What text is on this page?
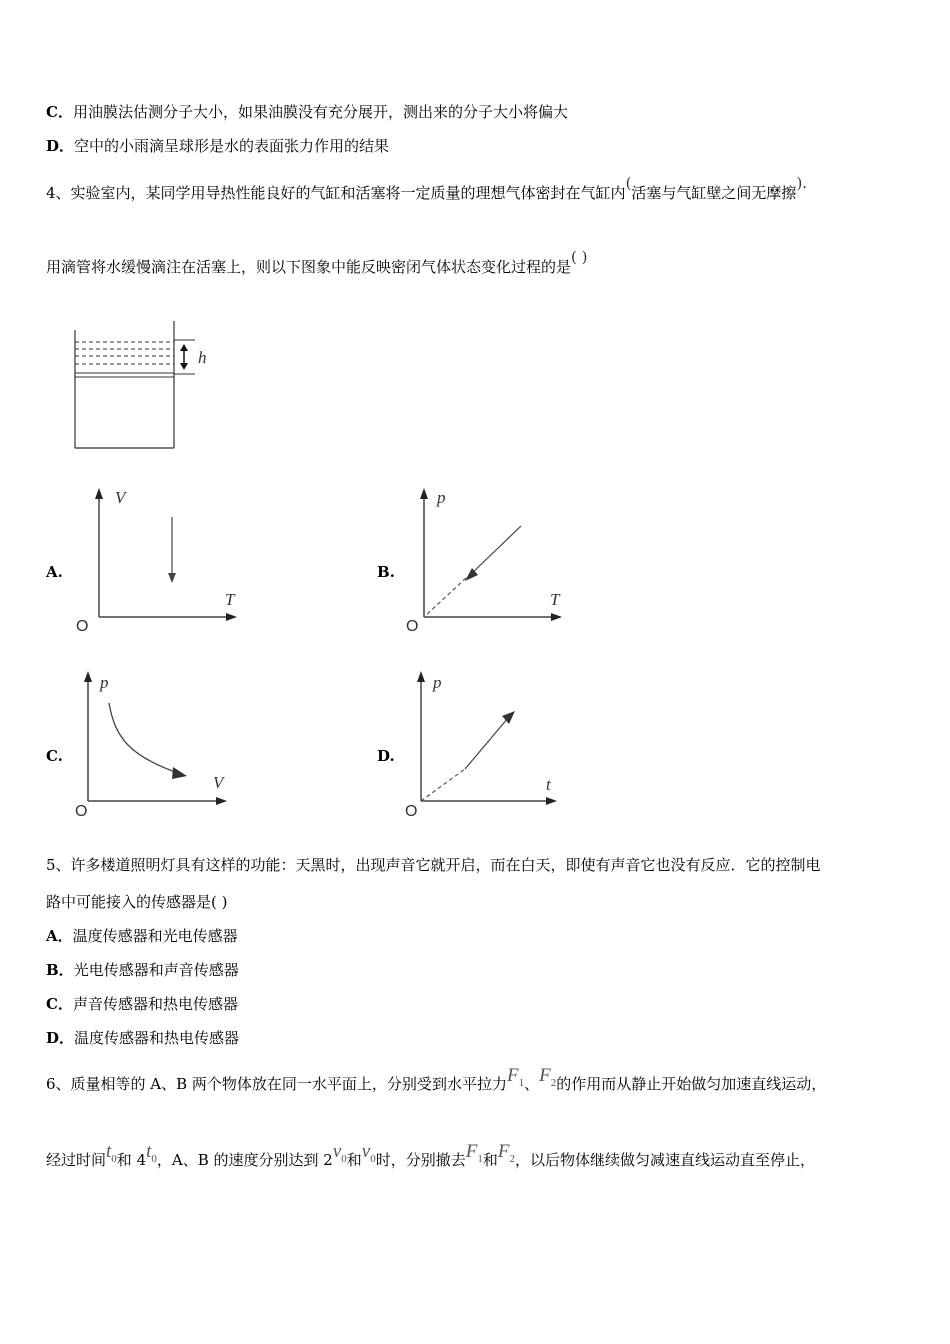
C．用油膜法估测分子大小，如果油膜没有充分展开，测出来的分子大小将偏大
D．空中的小雨滴呈球形是水的表面张力作用的结果
4、实验室内，某同学用导热性能良好的气缸和活塞将一定质量的理想气体密封在气缸内(活塞与气缸壁之间无摩擦).
用滴管将水缓慢滴注在活塞上，则以下图象中能反映密闭气体状态变化过程的是( )
h
A.
V
T
O
B.
p
T
O
C.
p
V
O
D.
p
t
O
5、许多楼道照明灯具有这样的功能：天黑时，出现声音它就开启，而在白天，即使有声音它也没有反应．它的控制电
路中可能接入的传感器是( )
A．温度传感器和光电传感器
B．光电传感器和声音传感器
C．声音传感器和热电传感器
D．温度传感器和热电传感器
6、质量相等的 A、B 两个物体放在同一水平面上，分别受到水平拉力$F_1$、$F_2$的作用而从静止开始做匀加速直线运动，
经过时间$t_0$和 $4t_0$，A、B 的速度分别达到 $2v_0$和$v_0$时，分别撤去$F_1$和$F_2$，以后物体继续做匀减速直线运动直至停止，
